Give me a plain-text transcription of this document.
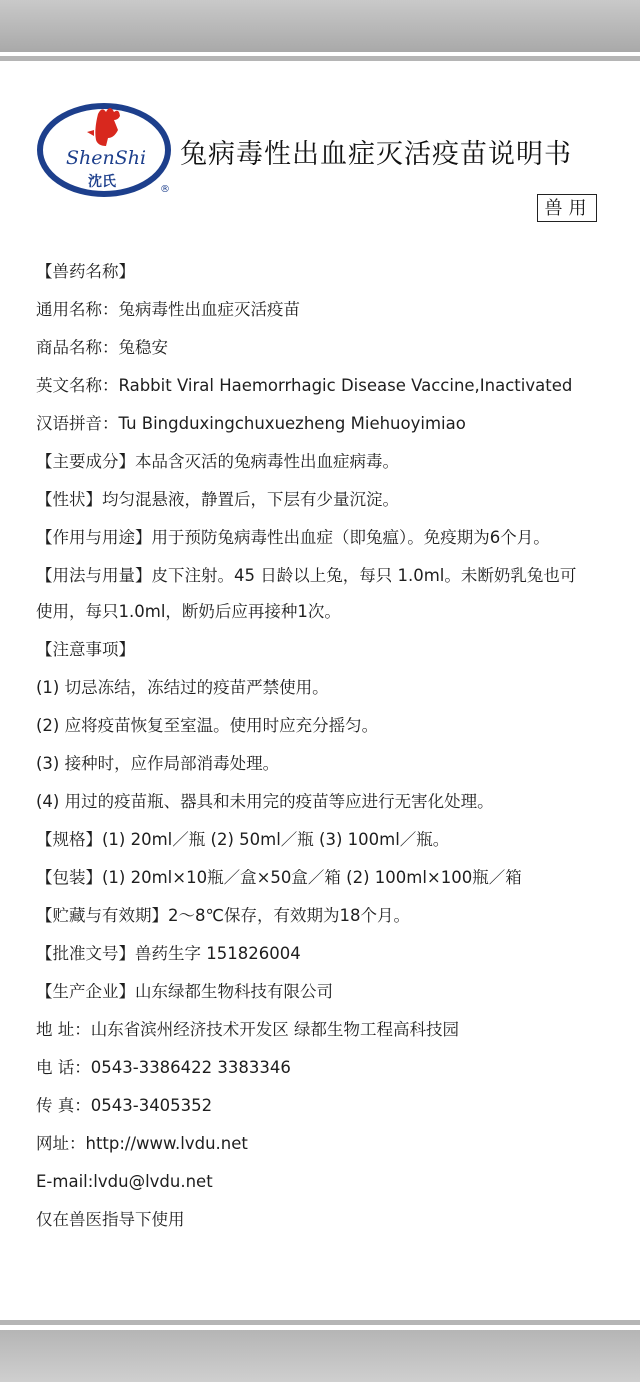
ShenShi
沈氏	®
兔病毒性出血症灭活疫苗说明书
兽用
【兽药名称】
通用名称：兔病毒性出血症灭活疫苗
商品名称：兔稳安
英文名称：Rabbit Viral Haemorrhagic Disease Vaccine,Inactivated
汉语拼音：Tu Bingduxingchuxuezheng Miehuoyimiao
【主要成分】本品含灭活的兔病毒性出血症病毒。
【性状】均匀混悬液，静置后，下层有少量沉淀。
【作用与用途】用于预防兔病毒性出血症（即兔瘟）。免疫期为6个月。
【用法与用量】皮下注射。45 日龄以上兔，每只 1.0ml。未断奶乳兔也可
使用，每只1.0ml，断奶后应再接种1次。
【注意事项】
(1) 切忌冻结，冻结过的疫苗严禁使用。
(2) 应将疫苗恢复至室温。使用时应充分摇匀。
(3) 接种时，应作局部消毒处理。
(4) 用过的疫苗瓶、器具和未用完的疫苗等应进行无害化处理。
【规格】(1) 20ml／瓶 (2) 50ml／瓶 (3) 100ml／瓶。
【包装】(1) 20ml×10瓶／盒×50盒／箱 (2) 100ml×100瓶／箱
【贮藏与有效期】2～8℃保存，有效期为18个月。
【批准文号】兽药生字 151826004
【生产企业】山东绿都生物科技有限公司
地 址：山东省滨州经济技术开发区 绿都生物工程高科技园
电 话：0543-3386422 3383346
传 真：0543-3405352
网址：http://www.lvdu.net
E-mail:lvdu@lvdu.net
仅在兽医指导下使用
